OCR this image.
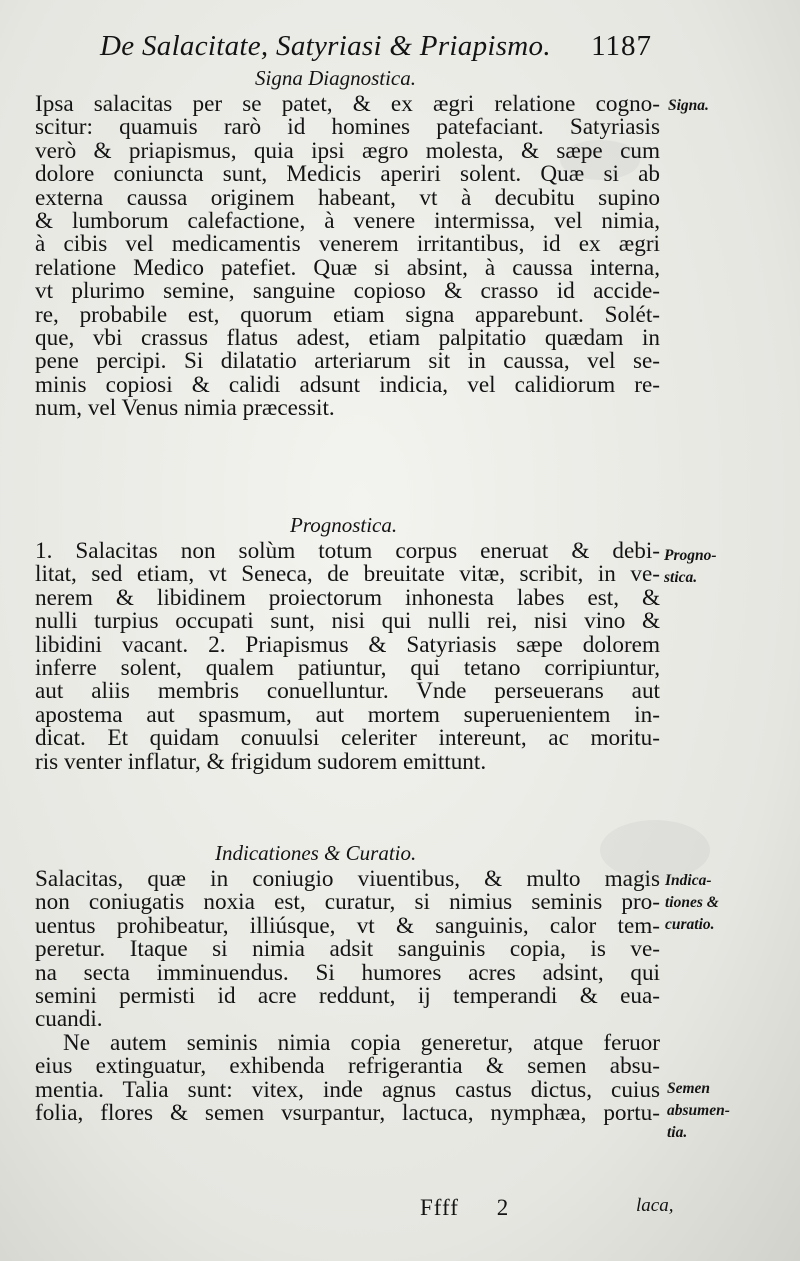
De Salacitate, Satyriasi & Priapismo. 1187
Signa Diagnostica.
Ipsa salacitas per se patet, & ex ægri relatione cogno-
scitur: quamuis rarò id homines patefaciant. Satyriasis
verò & priapismus, quia ipsi ægro molesta, & sæpe cum
dolore coniuncta sunt, Medicis aperiri solent. Quæ si ab
externa caussa originem habeant, vt à decubitu supino
& lumborum calefactione, à venere intermissa, vel nimia,
à cibis vel medicamentis venerem irritantibus, id ex ægri
relatione Medico patefiet. Quæ si absint, à caussa interna,
vt plurimo semine, sanguine copioso & crasso id accide-
re, probabile est, quorum etiam signa apparebunt. Solét-
que, vbi crassus flatus adest, etiam palpitatio quædam in
pene percipi. Si dilatatio arteriarum sit in caussa, vel se-
minis copiosi & calidi adsunt indicia, vel calidiorum re-
num, vel Venus nimia præcessit.
Prognostica.
1. Salacitas non solùm totum corpus eneruat & debi-
litat, sed etiam, vt Seneca, de breuitate vitæ, scribit, in ve-
nerem & libidinem proiectorum inhonesta labes est, &
nulli turpius occupati sunt, nisi qui nulli rei, nisi vino &
libidini vacant. 2. Priapismus & Satyriasis sæpe dolorem
inferre solent, qualem patiuntur, qui tetano corripiuntur,
aut aliis membris conuelluntur. Vnde perseuerans aut
apostema aut spasmum, aut mortem superuenientem in-
dicat. Et quidam conuulsi celeriter intereunt, ac moritu-
ris venter inflatur, & frigidum sudorem emittunt.
Indicationes & Curatio.
Salacitas, quæ in coniugio viuentibus, & multo magis
non coniugatis noxia est, curatur, si nimius seminis pro-
uentus prohibeatur, illiúsque, vt & sanguinis, calor tem-
peretur. Itaque si nimia adsit sanguinis copia, is ve-
na secta imminuendus. Si humores acres adsint, qui
semini permisti id acre reddunt, ij temperandi & eua-
cuandi.
Ne autem seminis nimia copia generetur, atque feruor
eius extinguatur, exhibenda refrigerantia & semen absu-
mentia. Talia sunt: vitex, inde agnus castus dictus, cuius
folia, flores & semen vsurpantur, lactuca, nymphæa, portu-
Signa.
Progno-
stica.
Indica-
tiones &
curatio.
Semen
absumen-
tia.
Ffff 2	laca,
